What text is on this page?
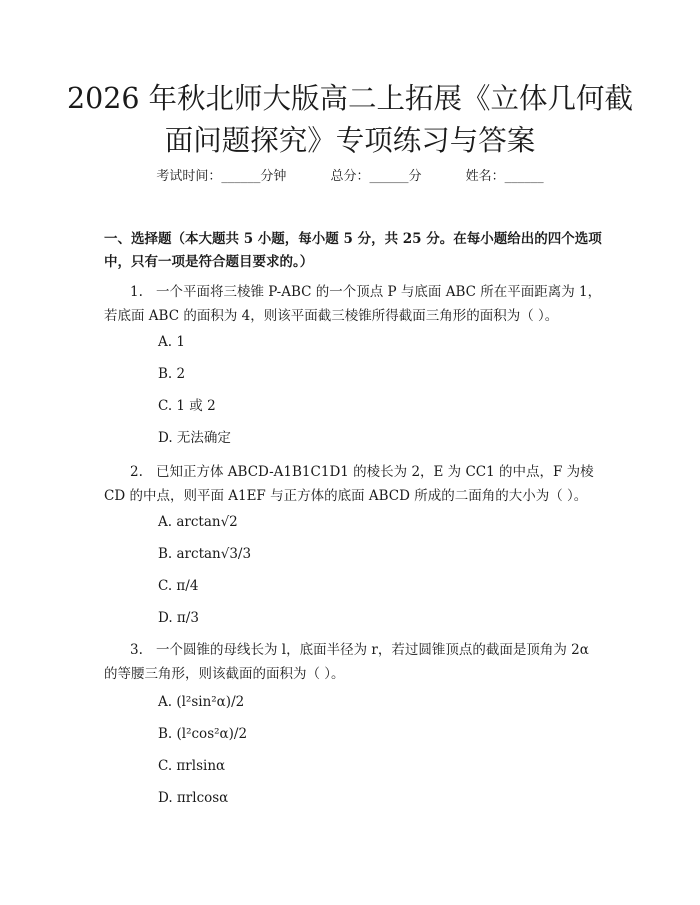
2026 年秋北师大版高二上拓展《立体几何截面问题探究》专项练习与答案
考试时间：______分钟	总分：______分	姓名：______

一、选择题（本大题共 5 小题，每小题 5 分，共 25 分。在每小题给出的四个选项中，只有一项是符合题目要求的。）

1. 一个平面将三棱锥 P-ABC 的一个顶点 P 与底面 ABC 所在平面距离为 1，若底面 ABC 的面积为 4，则该平面截三棱锥所得截面三角形的面积为（ ）。

A. 1

B. 2

C. 1 或 2

D. 无法确定

2. 已知正方体 ABCD-A1B1C1D1 的棱长为 2，E 为 CC1 的中点，F 为棱 CD 的中点，则平面 A1EF 与正方体的底面 ABCD 所成的二面角的大小为（ ）。

A. arctan√2

B. arctan√3/3

C. π/4

D. π/3

3. 一个圆锥的母线长为 l，底面半径为 r，若过圆锥顶点的截面是顶角为 2α 的等腰三角形，则该截面的面积为（ ）。

A. (l²sin²α)/2

B. (l²cos²α)/2

C. πrlsinα

D. πrlcosα
